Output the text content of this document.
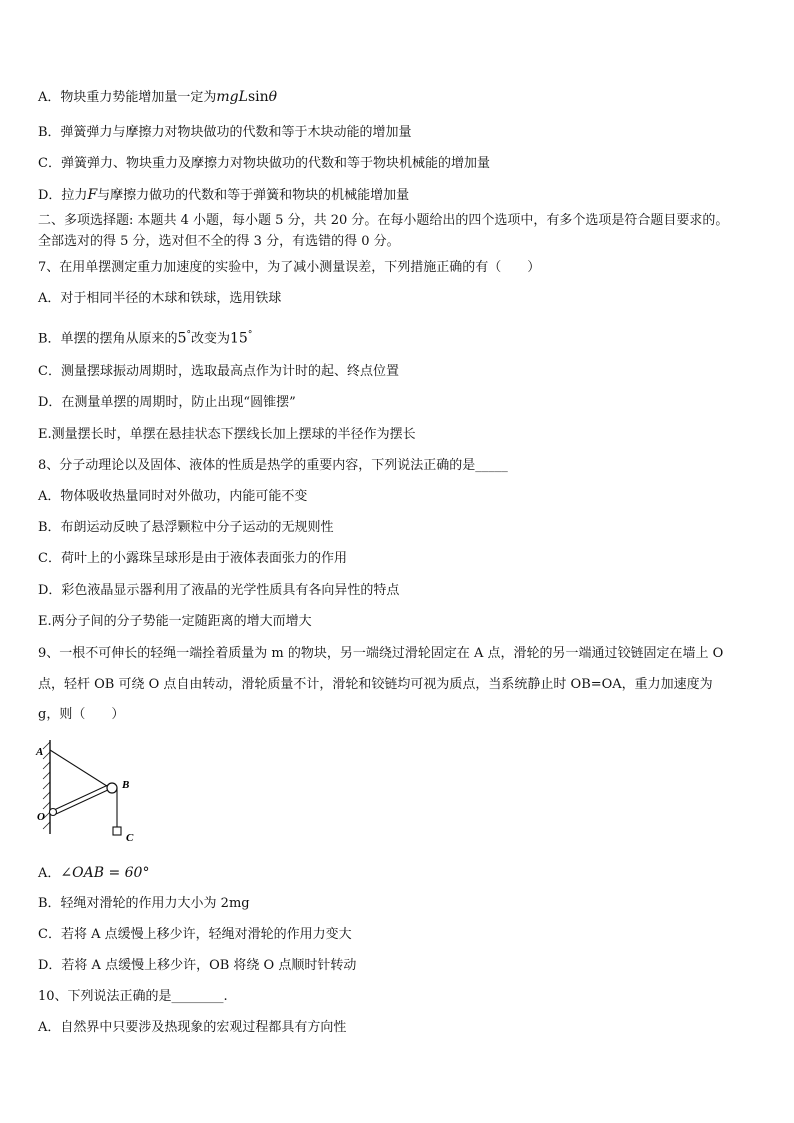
A．物块重力势能增加量一定为mgLsinθ
B．弹簧弹力与摩擦力对物块做功的代数和等于木块动能的增加量
C．弹簧弹力、物块重力及摩擦力对物块做功的代数和等于物块机械能的增加量
D．拉力F与摩擦力做功的代数和等于弹簧和物块的机械能增加量
二、多项选择题: 本题共 4 小题，每小题 5 分，共 20 分。在每小题给出的四个选项中，有多个选项是符合题目要求的。
全部选对的得 5 分，选对但不全的得 3 分，有选错的得 0 分。
7、在用单摆测定重力加速度的实验中，为了减小测量误差，下列措施正确的有（　　）
A．对于相同半径的木球和铁球，选用铁球
B．单摆的摆角从原来的5°改变为15°
C．测量摆球振动周期时，选取最高点作为计时的起、终点位置
D．在测量单摆的周期时，防止出现“圆锥摆”
E.测量摆长时，单摆在悬挂状态下摆线长加上摆球的半径作为摆长
8、分子动理论以及固体、液体的性质是热学的重要内容，下列说法正确的是_____
A．物体吸收热量同时对外做功，内能可能不变
B．布朗运动反映了悬浮颗粒中分子运动的无规则性
C．荷叶上的小露珠呈球形是由于液体表面张力的作用
D．彩色液晶显示器利用了液晶的光学性质具有各向异性的特点
E.两分子间的分子势能一定随距离的增大而增大
9、一根不可伸长的轻绳一端拴着质量为 m 的物块，另一端绕过滑轮固定在 A 点，滑轮的另一端通过铰链固定在墙上 O
点，轻杆 OB 可绕 O 点自由转动，滑轮质量不计，滑轮和铰链均可视为质点，当系统静止时 OB=OA，重力加速度为
g，则（　　）
A
B
O
C
A．∠OAB = 60°
B．轻绳对滑轮的作用力大小为 2mg
C．若将 A 点缓慢上移少许，轻绳对滑轮的作用力变大
D．若将 A 点缓慢上移少许，OB 将绕 O 点顺时针转动
10、下列说法正确的是________.
A．自然界中只要涉及热现象的宏观过程都具有方向性
